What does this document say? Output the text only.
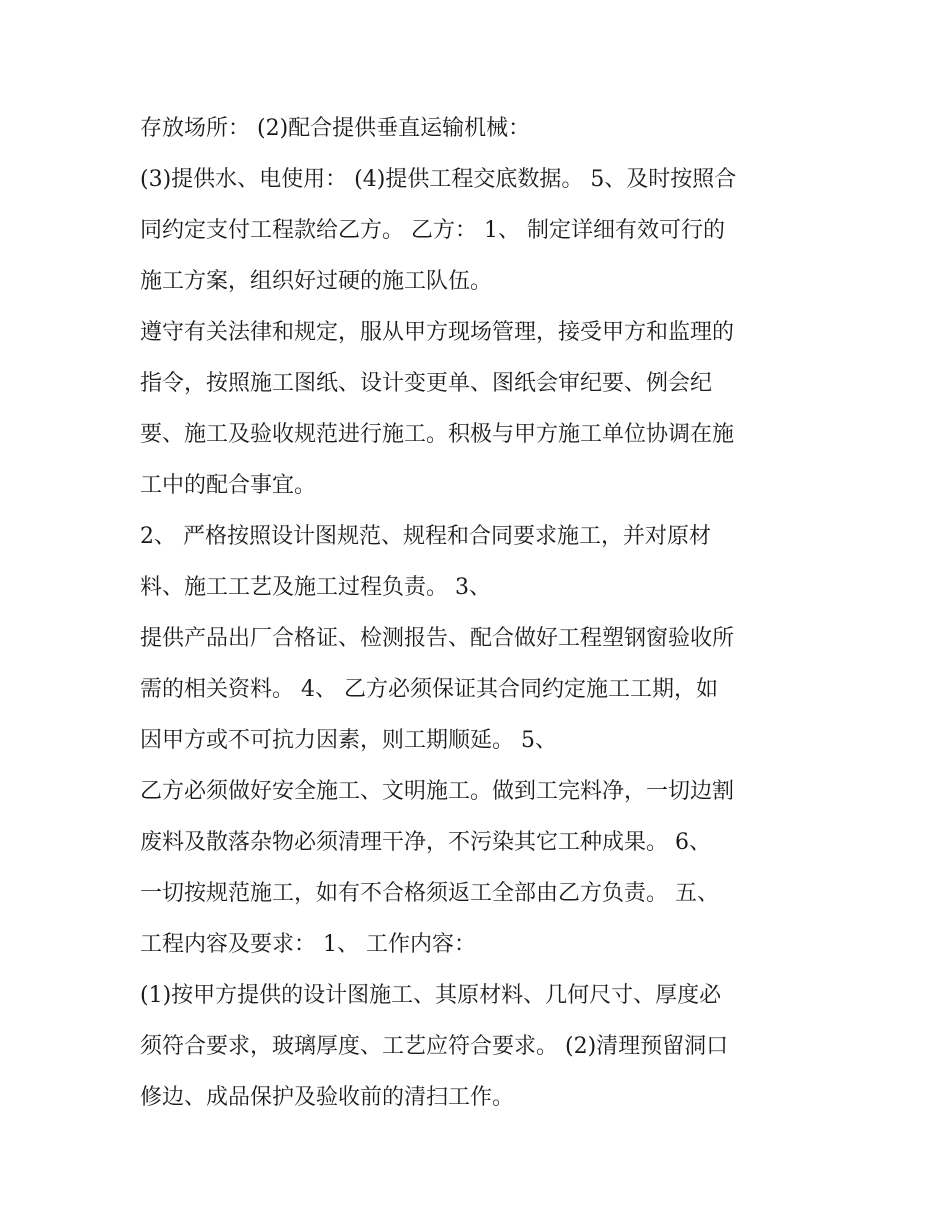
存放场所： (2)配合提供垂直运输机械：
(3)提供水、电使用： (4)提供工程交底数据。 5、及时按照合
同约定支付工程款给乙方。 乙方： 1、 制定详细有效可行的
施工方案，组织好过硬的施工队伍。
遵守有关法律和规定，服从甲方现场管理，接受甲方和监理的
指令，按照施工图纸、设计变更单、图纸会审纪要、例会纪
要、施工及验收规范进行施工。积极与甲方施工单位协调在施
工中的配合事宜。
2、 严格按照设计图规范、规程和合同要求施工，并对原材
料、施工工艺及施工过程负责。 3、
提供产品出厂合格证、检测报告、配合做好工程塑钢窗验收所
需的相关资料。 4、 乙方必须保证其合同约定施工工期，如
因甲方或不可抗力因素，则工期顺延。 5、
乙方必须做好安全施工、文明施工。做到工完料净，一切边割
废料及散落杂物必须清理干净，不污染其它工种成果。 6、
一切按规范施工，如有不合格须返工全部由乙方负责。 五、
工程内容及要求： 1、 工作内容：
(1)按甲方提供的设计图施工、其原材料、几何尺寸、厚度必
须符合要求，玻璃厚度、工艺应符合要求。 (2)清理预留洞口
修边、成品保护及验收前的清扫工作。
